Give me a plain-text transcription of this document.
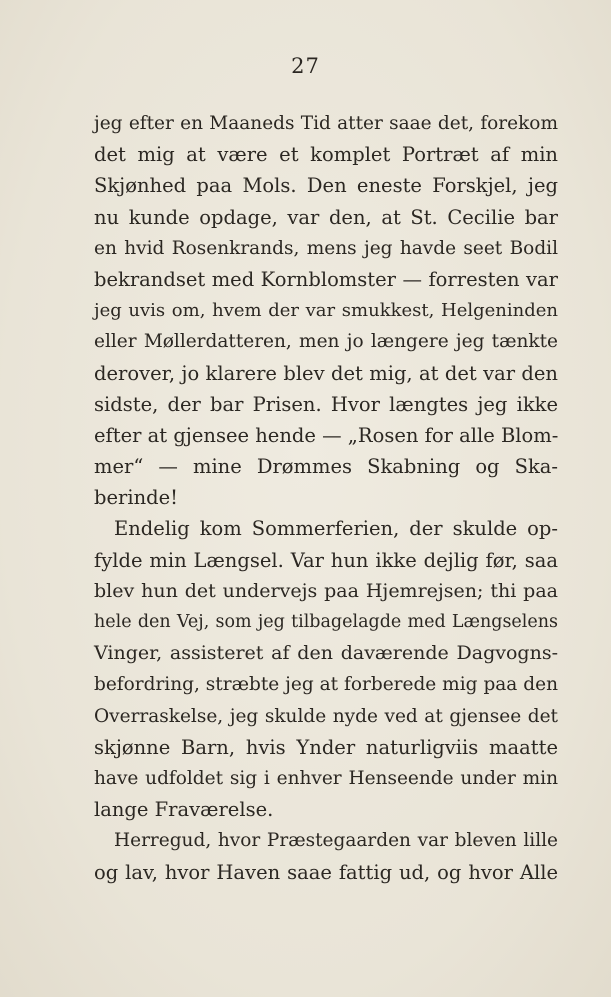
27
jeg efter en Maaneds Tid atter saae det, forekom
det mig at være et komplet Portræt af min
Skjønhed paa Mols. Den eneste Forskjel, jeg
nu kunde opdage, var den, at St. Cecilie bar
en hvid Rosenkrands, mens jeg havde seet Bodil
bekrandset med Kornblomster — forresten var
jeg uvis om, hvem der var smukkest, Helgeninden
eller Møllerdatteren, men jo længere jeg tænkte
derover, jo klarere blev det mig, at det var den
sidste, der bar Prisen. Hvor længtes jeg ikke
efter at gjensee hende — „Rosen for alle Blom-
mer“ — mine Drømmes Skabning og Ska-
berinde!
Endelig kom Sommerferien, der skulde op-
fylde min Længsel. Var hun ikke dejlig før, saa
blev hun det undervejs paa Hjemrejsen; thi paa
hele den Vej, som jeg tilbagelagde med Længselens
Vinger, assisteret af den daværende Dagvogns-
befordring, stræbte jeg at forberede mig paa den
Overraskelse, jeg skulde nyde ved at gjensee det
skjønne Barn, hvis Ynder naturligviis maatte
have udfoldet sig i enhver Henseende under min
lange Fraværelse.
Herregud, hvor Præstegaarden var bleven lille
og lav, hvor Haven saae fattig ud, og hvor Alle
